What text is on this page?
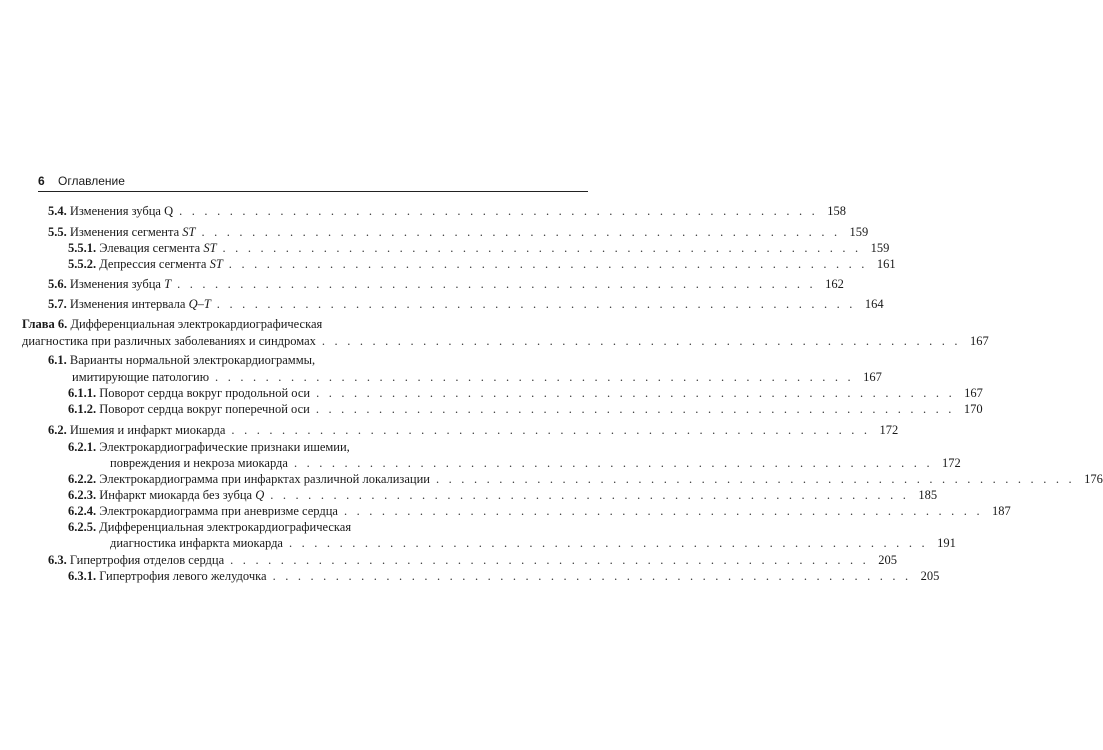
6 Оглавление
5.4. Изменения зубца Q . . . . . . . . . . . . . . . . . . . . . . . . . . . . . . . . . . . . . . . . . . . . . . . . . . . 158
5.5. Изменения сегмента ST . . . . . . . . . . . . . . . . . . . . . . . . . . . . . . . . . . . . . . . . . . . . . . . . . . . 159
5.5.1. Элевация сегмента ST . . . . . . . . . . . . . . . . . . . . . . . . . . . . . . . . . . . . . . . . . . . . . . . . . . . 159
5.5.2. Депрессия сегмента ST . . . . . . . . . . . . . . . . . . . . . . . . . . . . . . . . . . . . . . . . . . . . . . . . . . . 161
5.6. Изменения зубца T . . . . . . . . . . . . . . . . . . . . . . . . . . . . . . . . . . . . . . . . . . . . . . . . . . . 162
5.7. Изменения интервала Q–T . . . . . . . . . . . . . . . . . . . . . . . . . . . . . . . . . . . . . . . . . . . . . . . . . . . 164
Глава 6. Дифференциальная электрокардиографическая
диагностика при различных заболеваниях и синдромах . . . . . . . . . . . . . . . . . . . . . . . . . . . . . . . . . . . . . . . . . . . . . . . . . . . 167
6.1. Варианты нормальной электрокардиограммы,
имитирующие патологию . . . . . . . . . . . . . . . . . . . . . . . . . . . . . . . . . . . . . . . . . . . . . . . . . . . 167
6.1.1. Поворот сердца вокруг продольной оси . . . . . . . . . . . . . . . . . . . . . . . . . . . . . . . . . . . . . . . . . . . . . . . . . . . 167
6.1.2. Поворот сердца вокруг поперечной оси . . . . . . . . . . . . . . . . . . . . . . . . . . . . . . . . . . . . . . . . . . . . . . . . . . . 170
6.2. Ишемия и инфаркт миокарда . . . . . . . . . . . . . . . . . . . . . . . . . . . . . . . . . . . . . . . . . . . . . . . . . . . 172
6.2.1. Электрокардиографические признаки ишемии,
повреждения и некроза миокарда . . . . . . . . . . . . . . . . . . . . . . . . . . . . . . . . . . . . . . . . . . . . . . . . . . . 172
6.2.2. Электрокардиограмма при инфарктах различной локализации . . . . . . . . . . . . . . . . . . . . . . . . . . . . . . . . . . . . . . . . . . . . . . . . . . . 176
6.2.3. Инфаркт миокарда без зубца Q . . . . . . . . . . . . . . . . . . . . . . . . . . . . . . . . . . . . . . . . . . . . . . . . . . . 185
6.2.4. Электрокардиограмма при аневризме сердца . . . . . . . . . . . . . . . . . . . . . . . . . . . . . . . . . . . . . . . . . . . . . . . . . . . 187
6.2.5. Дифференциальная электрокардиографическая
диагностика инфаркта миокарда . . . . . . . . . . . . . . . . . . . . . . . . . . . . . . . . . . . . . . . . . . . . . . . . . . . 191
6.3. Гипертрофия отделов сердца . . . . . . . . . . . . . . . . . . . . . . . . . . . . . . . . . . . . . . . . . . . . . . . . . . . 205
6.3.1. Гипертрофия левого желудочка . . . . . . . . . . . . . . . . . . . . . . . . . . . . . . . . . . . . . . . . . . . . . . . . . . . 205
